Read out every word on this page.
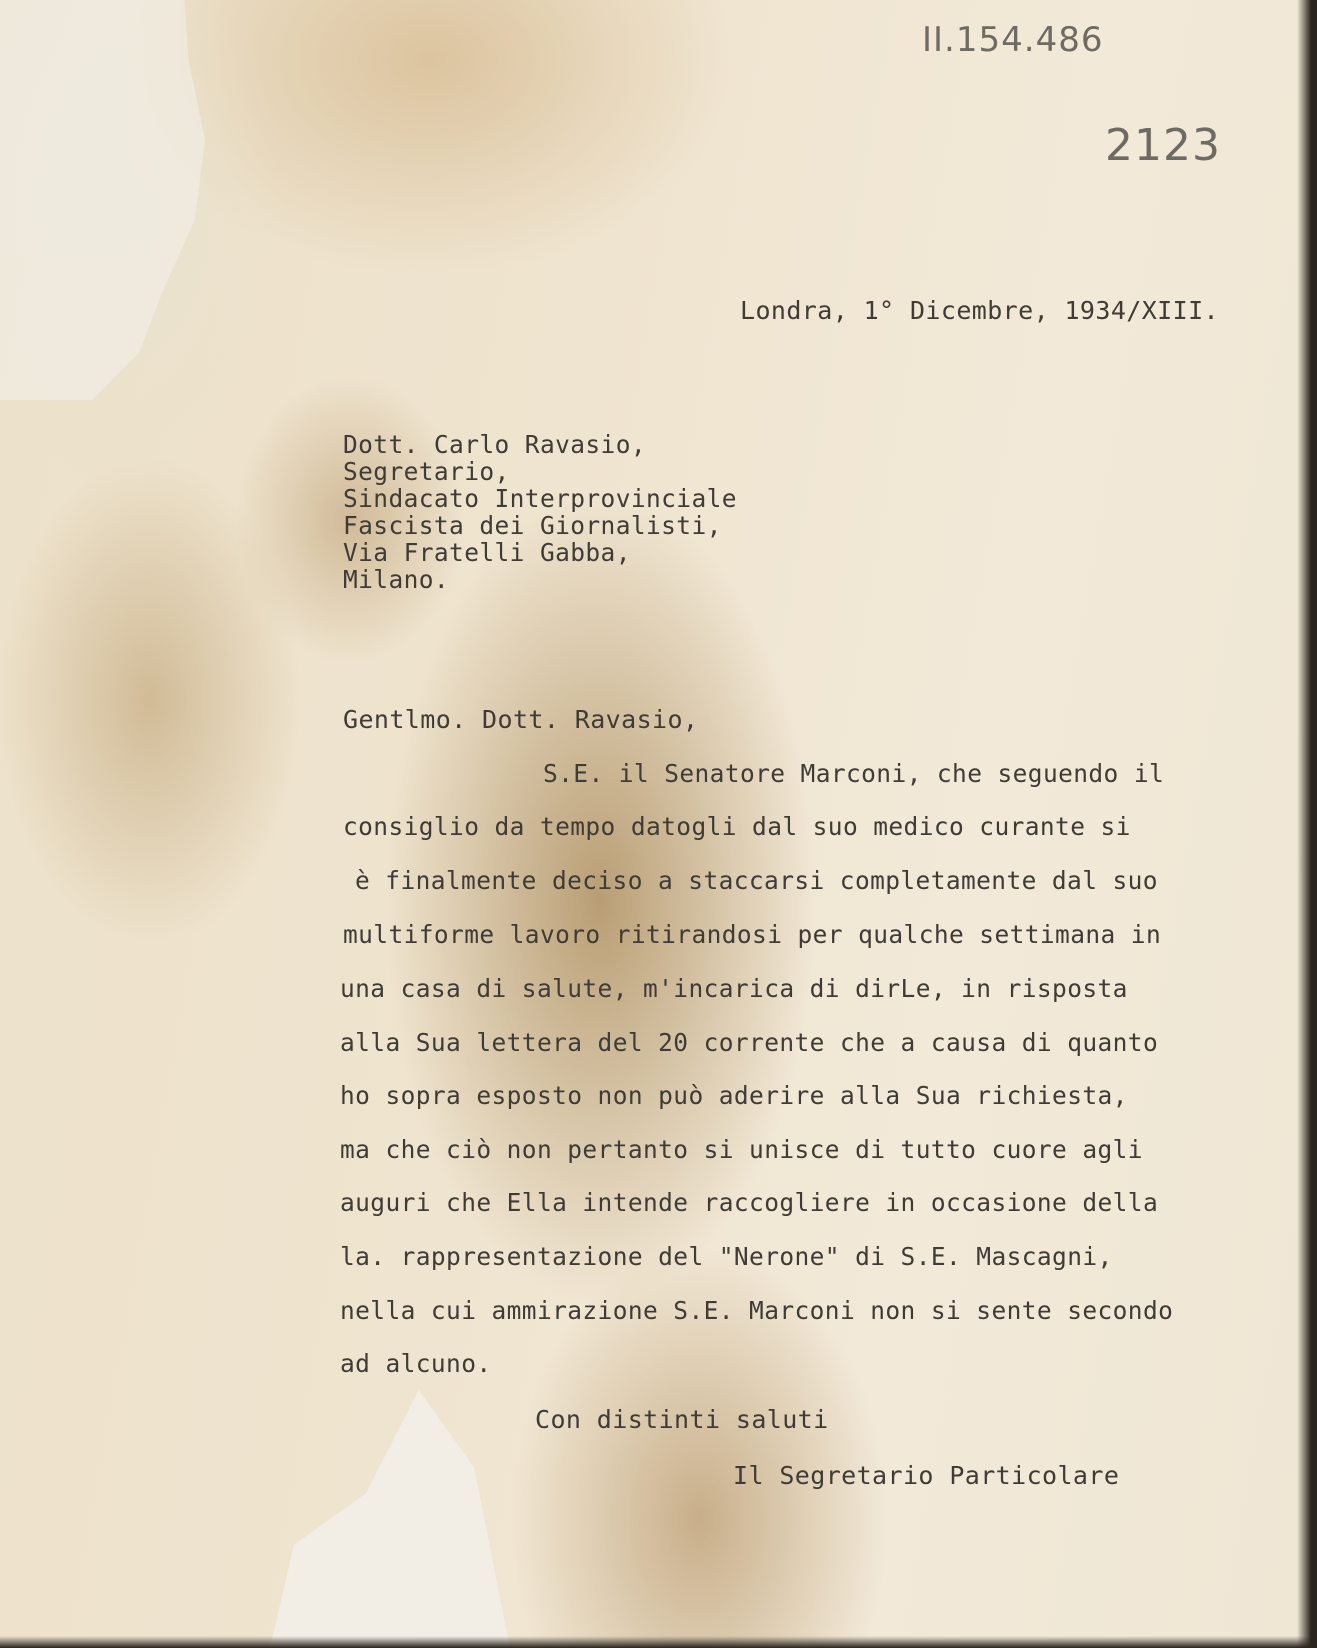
II.154.486
2123
Londra, 1° Dicembre, 1934/XIII.
Dott. Carlo Ravasio,
Segretario,
Sindacato Interprovinciale
Fascista dei Giornalisti,
Via Fratelli Gabba,
Milano.
Gentlmo. Dott. Ravasio,
S.E. il Senatore Marconi, che seguendo il
consiglio da tempo datogli dal suo medico curante si
è finalmente deciso a staccarsi completamente dal suo
multiforme lavoro ritirandosi per qualche settimana in
una casa di salute, m'incarica di dirLe, in risposta
alla Sua lettera del 20 corrente che a causa di quanto
ho sopra esposto non può aderire alla Sua richiesta,
ma che ciò non pertanto si unisce di tutto cuore agli
auguri che Ella intende raccogliere in occasione della
la. rappresentazione del "Nerone" di S.E. Mascagni,
nella cui ammirazione S.E. Marconi non si sente secondo
ad alcuno.
Con distinti saluti
Il Segretario Particolare
